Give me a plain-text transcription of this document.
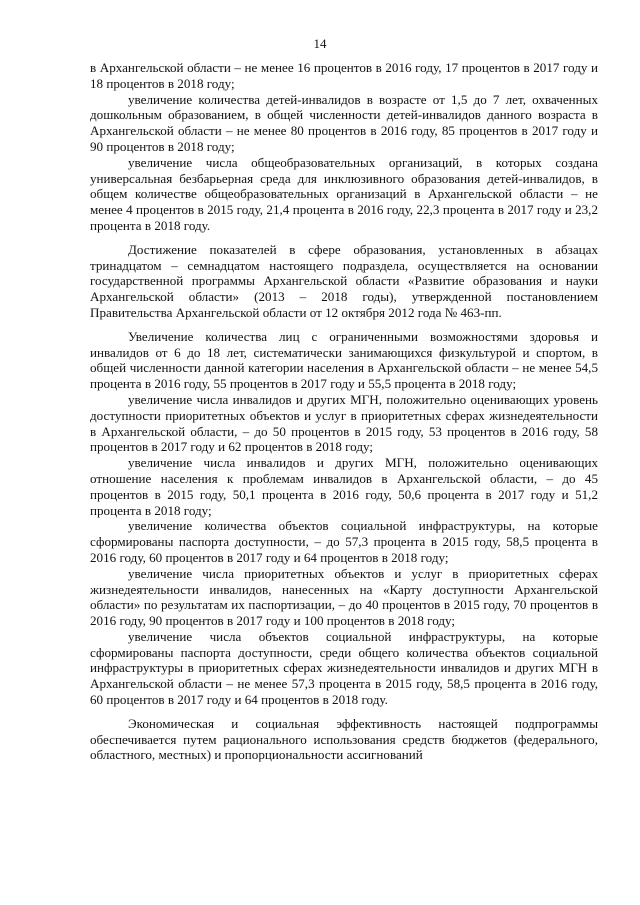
14

в Архангельской области – не менее 16 процентов в 2016 году, 17 процентов в 2017 году и 18 процентов в 2018 году;

увеличение количества детей-инвалидов в возрасте от 1,5 до 7 лет, охваченных дошкольным образованием, в общей численности детей-инвалидов данного возраста в Архангельской области – не менее 80 процентов в 2016 году, 85 процентов в 2017 году и 90 процентов в 2018 году;

увеличение числа общеобразовательных организаций, в которых создана универсальная безбарьерная среда для инклюзивного образования детей-инвалидов, в общем количестве общеобразовательных организаций в Архангельской области – не менее 4 процентов в 2015 году, 21,4 процента в 2016 году, 22,3 процента в 2017 году и 23,2 процента в 2018 году.

Достижение показателей в сфере образования, установленных в абзацах тринадцатом – семнадцатом настоящего подраздела, осуществляется на основании государственной программы Архангельской области «Развитие образования и науки Архангельской области» (2013 – 2018 годы), утвержденной постановлением Правительства Архангельской области от 12 октября 2012 года № 463-пп.

Увеличение количества лиц с ограниченными возможностями здоровья и инвалидов от 6 до 18 лет, систематически занимающихся физкультурой и спортом, в общей численности данной категории населения в Архангельской области – не менее 54,5 процента в 2016 году, 55 процентов в 2017 году и 55,5 процента в 2018 году;

увеличение числа инвалидов и других МГН, положительно оценивающих уровень доступности приоритетных объектов и услуг в приоритетных сферах жизнедеятельности в Архангельской области, – до 50 процентов в 2015 году, 53 процентов в 2016 году, 58 процентов в 2017 году и 62 процентов в 2018 году;

увеличение числа инвалидов и других МГН, положительно оценивающих отношение населения к проблемам инвалидов в Архангельской области, – до 45 процентов в 2015 году, 50,1 процента в 2016 году, 50,6 процента в 2017 году и 51,2 процента в 2018 году;

увеличение количества объектов социальной инфраструктуры, на которые сформированы паспорта доступности, – до 57,3 процента в 2015 году, 58,5 процента в 2016 году, 60 процентов в 2017 году и 64 процентов в 2018 году;

увеличение числа приоритетных объектов и услуг в приоритетных сферах жизнедеятельности инвалидов, нанесенных на «Карту доступности Архангельской области» по результатам их паспортизации, – до 40 процентов в 2015 году, 70 процентов в 2016 году, 90 процентов в 2017 году и 100 процентов в 2018 году;

увеличение числа объектов социальной инфраструктуры, на которые сформированы паспорта доступности, среди общего количества объектов социальной инфраструктуры в приоритетных сферах жизнедеятельности инвалидов и других МГН в Архангельской области – не менее 57,3 процента в 2015 году, 58,5 процента в 2016 году, 60 процентов в 2017 году и 64 процентов в 2018 году.

Экономическая и социальная эффективность настоящей подпрограммы обеспечивается путем рационального использования средств бюджетов (федерального, областного, местных) и пропорциональности ассигнований
